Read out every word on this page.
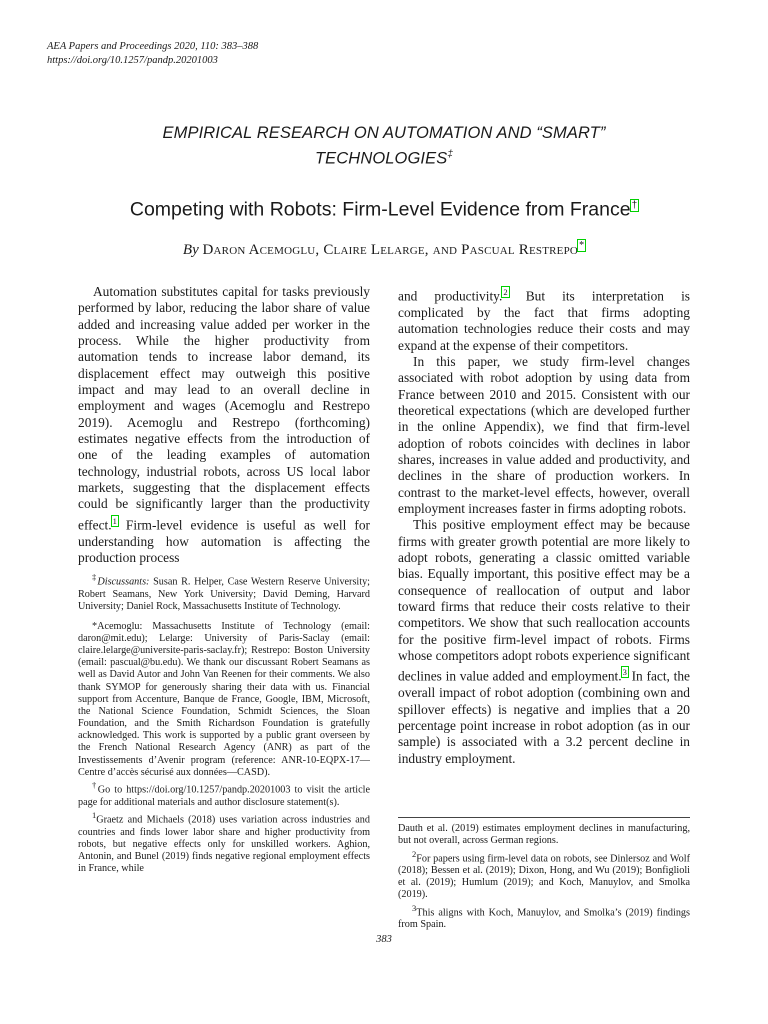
AEA Papers and Proceedings 2020, 110: 383–388
https://doi.org/10.1257/pandp.20201003
EMPIRICAL RESEARCH ON AUTOMATION AND “SMART”
TECHNOLOGIES‡
Competing with Robots: Firm-Level Evidence from France†
By Daron Acemoglu, Claire Lelarge, and Pascual Restrepo*

Automation substitutes capital for tasks previously performed by labor, reducing the labor share of value added and increasing value added per worker in the process. While the higher productivity from automation tends to increase labor demand, its displacement effect may outweigh this positive impact and may lead to an overall decline in employment and wages (Acemoglu and Restrepo 2019). Acemoglu and Restrepo (forthcoming) estimates negative effects from the introduction of one of the leading examples of automation technology, industrial robots, across US local labor markets, suggesting that the displacement effects could be significantly larger than the productivity effect.$^1$ Firm-level evidence is useful as well for understanding how automation is affecting the production process

and productivity.$^2$ But its interpretation is complicated by the fact that firms adopting automation technologies reduce their costs and may expand at the expense of their competitors.

In this paper, we study firm-level changes associated with robot adoption by using data from France between 2010 and 2015. Consistent with our theoretical expectations (which are developed further in the online Appendix), we find that firm-level adoption of robots coincides with declines in labor shares, increases in value added and productivity, and declines in the share of production workers. In contrast to the market-level effects, however, overall employment increases faster in firms adopting robots.

This positive employment effect may be because firms with greater growth potential are more likely to adopt robots, generating a classic omitted variable bias. Equally important, this positive effect may be a consequence of reallocation of output and labor toward firms that reduce their costs relative to their competitors. We show that such reallocation accounts for the positive firm-level impact of robots. Firms whose competitors adopt robots experience significant declines in value added and employment.$^3$ In fact, the overall impact of robot adoption (combining own and spillover effects) is negative and implies that a 20 percentage point increase in robot adoption (as in our sample) is associated with a 3.2 percent decline in industry employment.

‡Discussants: Susan R. Helper, Case Western Reserve University; Robert Seamans, New York University; David Deming, Harvard University; Daniel Rock, Massachusetts Institute of Technology.

*Acemoglu: Massachusetts Institute of Technology (email: daron@mit.edu); Lelarge: University of Paris-Saclay (email: claire.lelarge@universite-paris-saclay.fr); Restrepo: Boston University (email: pascual@bu.edu). We thank our discussant Robert Seamans as well as David Autor and John Van Reenen for their comments. We also thank SYMOP for generously sharing their data with us. Financial support from Accenture, Banque de France, Google, IBM, Microsoft, the National Science Foundation, Schmidt Sciences, the Sloan Foundation, and the Smith Richardson Foundation is gratefully acknowledged. This work is supported by a public grant overseen by the French National Research Agency (ANR) as part of the Investissements d’Avenir program (reference: ANR-10-EQPX-17—Centre d’accès sécurisé aux données—CASD).

†Go to https://doi.org/10.1257/pandp.20201003 to visit the article page for additional materials and author disclosure statement(s).

$^1$Graetz and Michaels (2018) uses variation across industries and countries and finds lower labor share and higher productivity from robots, but negative effects only for unskilled workers. Aghion, Antonin, and Bunel (2019) finds negative regional employment effects in France, while

Dauth et al. (2019) estimates employment declines in manufacturing, but not overall, across German regions.

$^2$For papers using firm-level data on robots, see Dinlersoz and Wolf (2018); Bessen et al. (2019); Dixon, Hong, and Wu (2019); Bonfiglioli et al. (2019); Humlum (2019); and Koch, Manuylov, and Smolka (2019).

$^3$This aligns with Koch, Manuylov, and Smolka’s (2019) findings from Spain.

383
